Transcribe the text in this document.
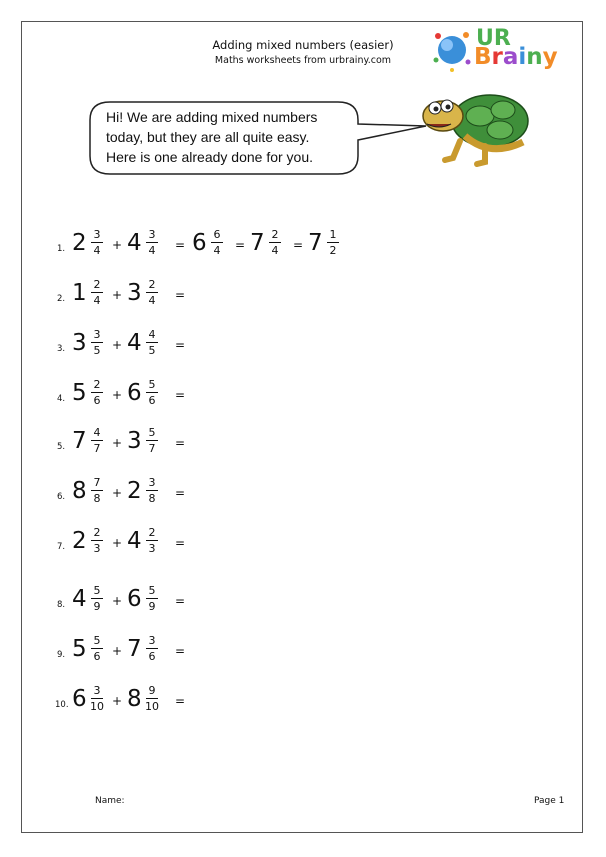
Adding mixed numbers (easier)
Maths worksheets from urbrainy.com
UR
Brainy
Hi! We are adding mixed numbers
today, but they are all quite easy.
Here is one already done for you.
1. 2 3
4 + 4 3
4	= 6 6
4	= 7 2
4	= 7 1
2
2. 1 2
4 + 3 2
4	=
3. 3 3
5 + 4 4
5	=
4. 5 2
6 + 6 5
6	=
5. 7 4
7 + 3 5
7	=
6. 8 7
8 + 2 3
8	=
7. 2 2
3 + 4 2
3	=
8. 4 5
9 + 6 5
9	=
9. 5 5
6 + 7 3
6	=
10. 6 3
10 + 8 9
10 =
Name:	Page 1
